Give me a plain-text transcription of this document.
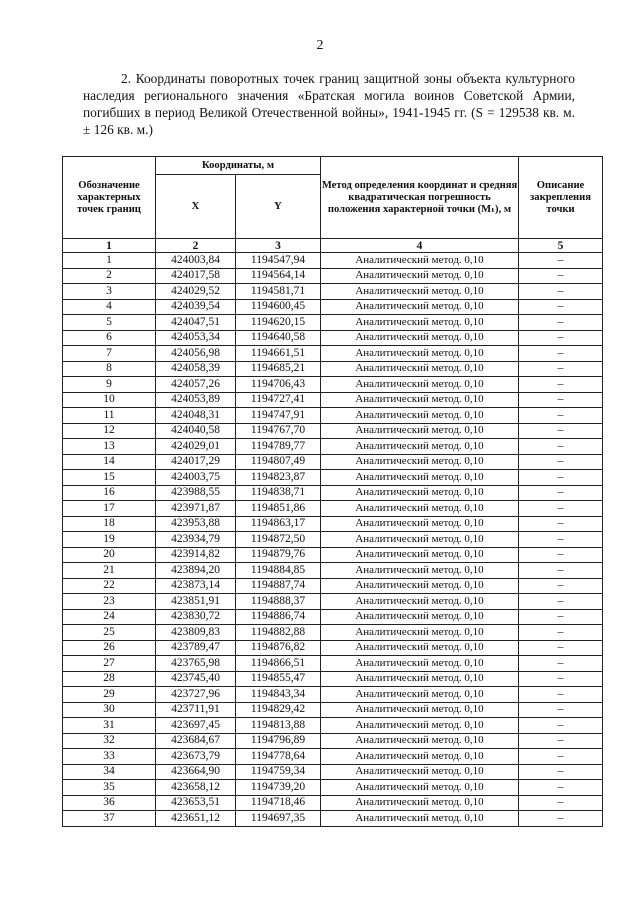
2
2. Координаты поворотных точек границ защитной зоны объекта культурного наследия регионального значения «Братская могила воинов Советской Армии, погибших в период Великой Отечественной войны», 1941-1945 гг. (S = 129538 кв. м. ± 126 кв. м.)
Обозначение характерных точек границ	Координаты, м		Метод определения координат и средняя квадратическая погрешность положения характерной точки (Мₜ), м	Описание закрепления точки
	X	Y		
1	2	3	4	5
1	424003,84	1194547,94	Аналитический метод. 0,10	–
2	424017,58	1194564,14	Аналитический метод. 0,10	–
3	424029,52	1194581,71	Аналитический метод. 0,10	–
4	424039,54	1194600,45	Аналитический метод. 0,10	–
5	424047,51	1194620,15	Аналитический метод. 0,10	–
6	424053,34	1194640,58	Аналитический метод. 0,10	–
7	424056,98	1194661,51	Аналитический метод. 0,10	–
8	424058,39	1194685,21	Аналитический метод. 0,10	–
9	424057,26	1194706,43	Аналитический метод. 0,10	–
10	424053,89	1194727,41	Аналитический метод. 0,10	–
11	424048,31	1194747,91	Аналитический метод. 0,10	–
12	424040,58	1194767,70	Аналитический метод. 0,10	–
13	424029,01	1194789,77	Аналитический метод. 0,10	–
14	424017,29	1194807,49	Аналитический метод. 0,10	–
15	424003,75	1194823,87	Аналитический метод. 0,10	–
16	423988,55	1194838,71	Аналитический метод. 0,10	–
17	423971,87	1194851,86	Аналитический метод. 0,10	–
18	423953,88	1194863,17	Аналитический метод. 0,10	–
19	423934,79	1194872,50	Аналитический метод. 0,10	–
20	423914,82	1194879,76	Аналитический метод. 0,10	–
21	423894,20	1194884,85	Аналитический метод. 0,10	–
22	423873,14	1194887,74	Аналитический метод. 0,10	–
23	423851,91	1194888,37	Аналитический метод. 0,10	–
24	423830,72	1194886,74	Аналитический метод. 0,10	–
25	423809,83	1194882,88	Аналитический метод. 0,10	–
26	423789,47	1194876,82	Аналитический метод. 0,10	–
27	423765,98	1194866,51	Аналитический метод. 0,10	–
28	423745,40	1194855,47	Аналитический метод. 0,10	–
29	423727,96	1194843,34	Аналитический метод. 0,10	–
30	423711,91	1194829,42	Аналитический метод. 0,10	–
31	423697,45	1194813,88	Аналитический метод. 0,10	–
32	423684,67	1194796,89	Аналитический метод. 0,10	–
33	423673,79	1194778,64	Аналитический метод. 0,10	–
34	423664,90	1194759,34	Аналитический метод. 0,10	–
35	423658,12	1194739,20	Аналитический метод. 0,10	–
36	423653,51	1194718,46	Аналитический метод. 0,10	–
37	423651,12	1194697,35	Аналитический метод. 0,10	–
